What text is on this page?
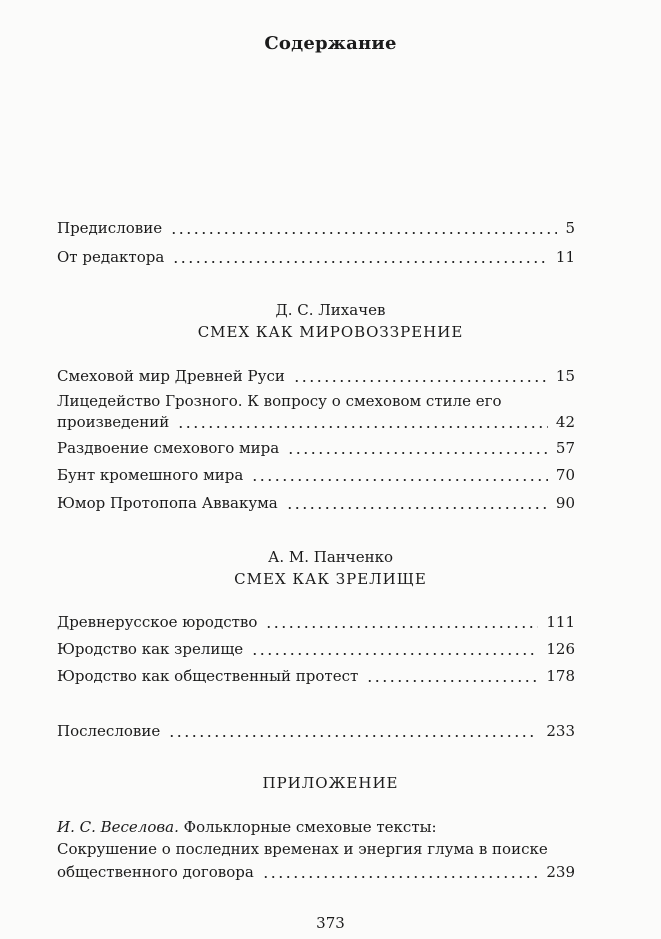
Содержание
Предисловие	5
От редактора	11
Д. С. Лихачев
СМЕХ КАК МИРОВОЗЗРЕНИЕ
Смеховой мир Древней Руси	15
Лицедейство Грозного. К вопросу о смеховом стиле его
произведений	42
Раздвоение смехового мира	57
Бунт кромешного мира	70
Юмор Протопопа Аввакума	90
А. М. Панченко
СМЕХ КАК ЗРЕЛИЩЕ
Древнерусское юродство	111
Юродство как зрелище	126
Юродство как общественный протест	178
Послесловие	233
ПРИЛОЖЕНИЕ
И. С. Веселова. Фольклорные смеховые тексты:
Сокрушение о последних временах и энергия глума в поиске
общественного договора	239
373
